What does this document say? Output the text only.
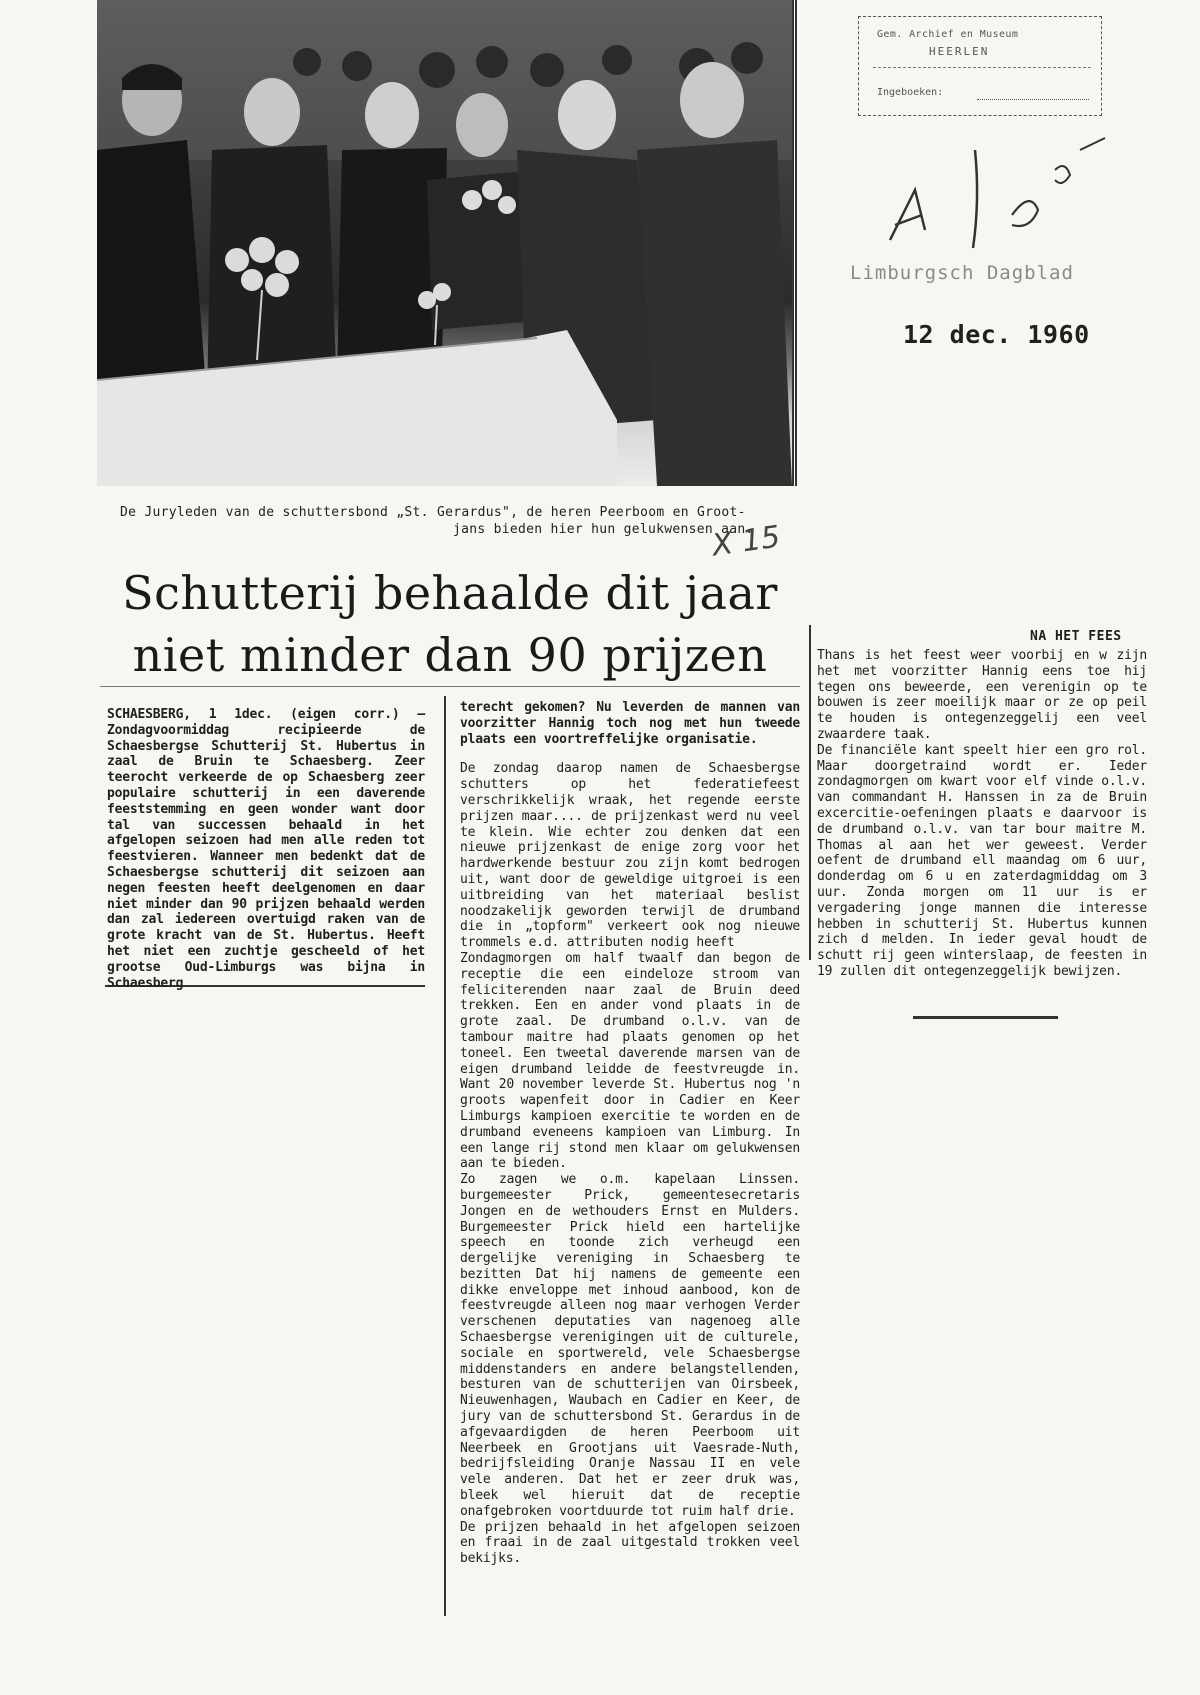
De Juryleden van de schuttersbond „St. Gerardus", de heren Peerboom en Groot-
jans bieden hier hun gelukwensen aan.
X 15
Schutterij behaalde dit jaar
niet minder dan 90 prijzen

SCHAESBERG, 1 1dec. (eigen corr.) — Zondagvoormiddag recipieerde de Schaesbergse Schutterij St. Hubertus in zaal de Bruin te Schaesberg. Zeer teerocht verkeerde de op Schaesberg zeer populaire schutterij in een daverende feeststemming en geen wonder want door tal van successen behaald in het afgelopen seizoen had men alle reden tot feestvieren. Wanneer men bedenkt dat de Schaesbergse schutterij dit seizoen aan negen feesten heeft deelgenomen en daar niet minder dan 90 prijzen behaald werden dan zal iedereen overtuigd raken van de grote kracht van de St. Hubertus. Heeft het niet een zuchtje gescheeld of het grootse Oud-Limburgs was bijna in Schaesberg

terecht gekomen? Nu leverden de mannen van voorzitter Hannig toch nog met hun tweede plaats een voortreffelijke organisatie.

De zondag daarop namen de Schaesbergse schutters op het federatiefeest verschrikkelijk wraak, het regende eerste prijzen maar.... de prijzenkast werd nu veel te klein. Wie echter zou denken dat een nieuwe prijzenkast de enige zorg voor het hardwerkende bestuur zou zijn komt bedrogen uit, want door de geweldige uitgroei is een uitbreiding van het materiaal beslist noodzakelijk geworden terwijl de drumband die in „topform" verkeert ook nog nieuwe trommels e.d. attributen nodig heeft

Zondagmorgen om half twaalf dan begon de receptie die een eindeloze stroom van feliciterenden naar zaal de Bruin deed trekken. Een en ander vond plaats in de grote zaal. De drumband o.l.v. van de tambour maitre had plaats genomen op het toneel. Een tweetal daverende marsen van de eigen drumband leidde de feestvreugde in. Want 20 november leverde St. Hubertus nog 'n groots wapenfeit door in Cadier en Keer Limburgs kampioen exercitie te worden en de drumband eveneens kampioen van Limburg. In een lange rij stond men klaar om gelukwensen aan te bieden.

Zo zagen we o.m. kapelaan Linssen. burgemeester Prick, gemeentesecretaris Jongen en de wethouders Ernst en Mulders. Burgemeester Prick hield een hartelijke speech en toonde zich verheugd een dergelijke vereniging in Schaesberg te bezitten Dat hij namens de gemeente een dikke enveloppe met inhoud aanbood, kon de feestvreugde alleen nog maar verhogen Verder verschenen deputaties van nagenoeg alle Schaesbergse verenigingen uit de culturele, sociale en sportwereld, vele Schaesbergse middenstanders en andere belangstellenden, besturen van de schutterijen van Oirsbeek, Nieuwenhagen, Waubach en Cadier en Keer, de jury van de schuttersbond St. Gerardus in de afgevaardigden de heren Peerboom uit Neerbeek en Grootjans uit Vaesrade-Nuth, bedrijfsleiding Oranje Nassau II en vele vele anderen. Dat het er zeer druk was, bleek wel hieruit dat de receptie onafgebroken voortduurde tot ruim half drie.

De prijzen behaald in het afgelopen seizoen en fraai in de zaal uitgestald trokken veel bekijks.

NA HET FEES

Thans is het feest weer voorbij en w zijn het met voorzitter Hannig eens toe hij tegen ons beweerde, een verenigin op te bouwen is zeer moeilijk maar or ze op peil te houden is ontegenzeggelij een veel zwaardere taak.

De financiële kant speelt hier een gro rol. Maar doorgetraind wordt er. Ieder zondagmorgen om kwart voor elf vinde o.l.v. van commandant H. Hanssen in za de Bruin excercitie-oefeningen plaats e daarvoor is de drumband o.l.v. van tar bour maitre M. Thomas al aan het wer geweest. Verder oefent de drumband ell maandag om 6 uur, donderdag om 6 u en zaterdagmiddag om 3 uur. Zonda morgen om 11 uur is er vergadering jonge mannen die interesse hebben in schutterij St. Hubertus kunnen zich d melden. In ieder geval houdt de schutt rij geen winterslaap, de feesten in 19 zullen dit ontegenzeggelijk bewijzen.

Gem. Archief en Museum
HEERLEN
Ingeboeken:
Limburgsch Dagblad
12 dec. 1960
